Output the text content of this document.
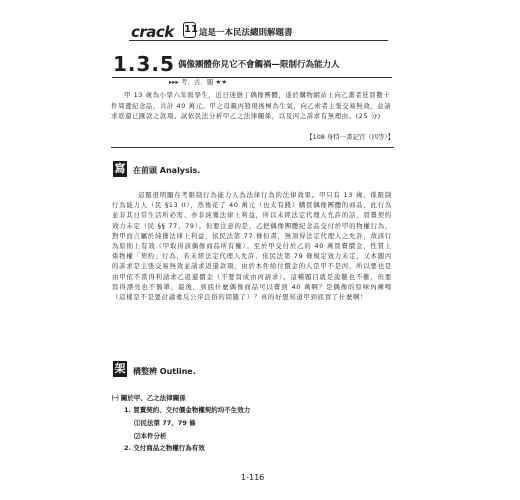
crack 11 這是一本民法總則解題書
1.3.5 偶像團體你見它不會觸禍—限制行為能力人
▸▸▸ 考．古．題 ★★

甲 13 歲為小學六年級學生，近日迷戀丁偶像團體，遂於購物網站上向乙畫者狂買數十件周邊紀念品，共計 40 萬元。甲之母親丙發現後極為生氣，向乙索者主張交易無效，並請求返還已匯款之款項。試依民法分析甲乙之法律關係，以及丙之訴求有無理由。(25 分)

【108 身特一書記官（四等）】
寫 在前頭 Analysis.

這題很明顯在考限制行為能力人為法律行為的法律效果。甲只有 13 歲，係限制行為能力人（民 §13 II），然後花了 40 萬元（也太有錢）購買偶像團體的商品，此行為並非其日常生活所必需、亦非純獲法律上利益，所以未經法定代理人允許的話，買賣契約效力未定（民 §§ 77、79）。但要注意的是，乙把偶像團體紀念品交付於甲的物權行為，對甲而言屬於純獲法律上利益，依民法第 77 條但書，無須得法定代理人之允許，故該行為原則上有效（甲取得該偶像商品所有權）。至於甲交付於乙的 40 萬買賣價金，性質上係物權「契約」行為，若未經法定代理人允許，依民法第 79 條規定效力未定，又本題丙的訴求是主張交易無效並請求返還款項，由於本件給付價金的人是甲不是丙，所以要也是由甲依不當得利請求乙返還價金（不要寫成由丙請求）。這種題目就是說難也不難，但要寫得漂亮也不簡單，最後，到底什麼偶像商品可以賣到 40 萬啊？是偶像的原味內褲嗎（這樣是不是要討論違反公序良俗的問題了）？真的好想知道甲到底買了什麼啊！

架 構整辨 Outline.
㈠ 關於甲、乙之法律關係
1. 買賣契約、交付價金物權契約均不生效力
⑴民法第 77、79 條
⑵本件分析
2. 交付商品之物權行為有效
1-116
